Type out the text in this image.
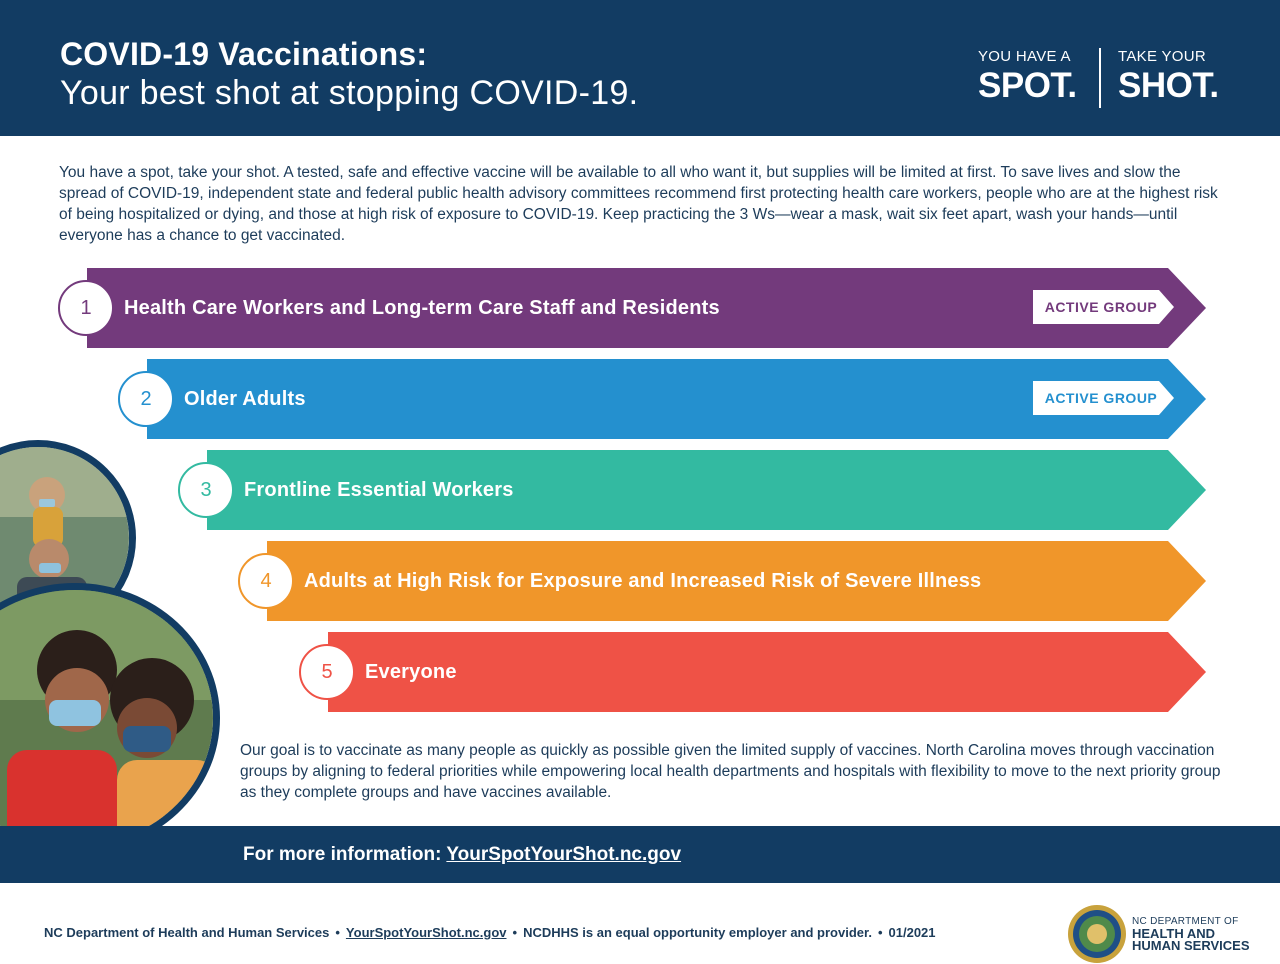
COVID-19 Vaccinations:
Your best shot at stopping COVID-19.
YOU HAVE A
SPOT.
TAKE YOUR
SHOT.

You have a spot, take your shot. A tested, safe and effective vaccine will be available to all who want it, but supplies will be limited at first. To save lives and slow the spread of COVID-19, independent state and federal public health advisory committees recommend first protecting health care workers, people who are at the highest risk of being hospitalized or dying, and those at high risk of exposure to COVID-19. Keep practicing the 3 Ws—wear a mask, wait six feet apart, wash your hands—until everyone has a chance to get vaccinated.

1	Health Care Workers and Long-term Care Staff and Residents	ACTIVE GROUP
2	Older Adults	ACTIVE GROUP
3	Frontline Essential Workers
4	Adults at High Risk for Exposure and Increased Risk of Severe Illness
5	Everyone

Our goal is to vaccinate as many people as quickly as possible given the limited supply of vaccines. North Carolina moves through vaccination groups by aligning to federal priorities while empowering local health departments and hospitals with flexibility to move to the next priority group as they complete groups and have vaccines available.

For more information: YourSpotYourShot.nc.gov
NC Department of Health and Human Services • YourSpotYourShot.nc.gov • NCDHHS is an equal opportunity employer and provider. • 01/2021
NC DEPARTMENT OF
HEALTH AND
HUMAN SERVICES
